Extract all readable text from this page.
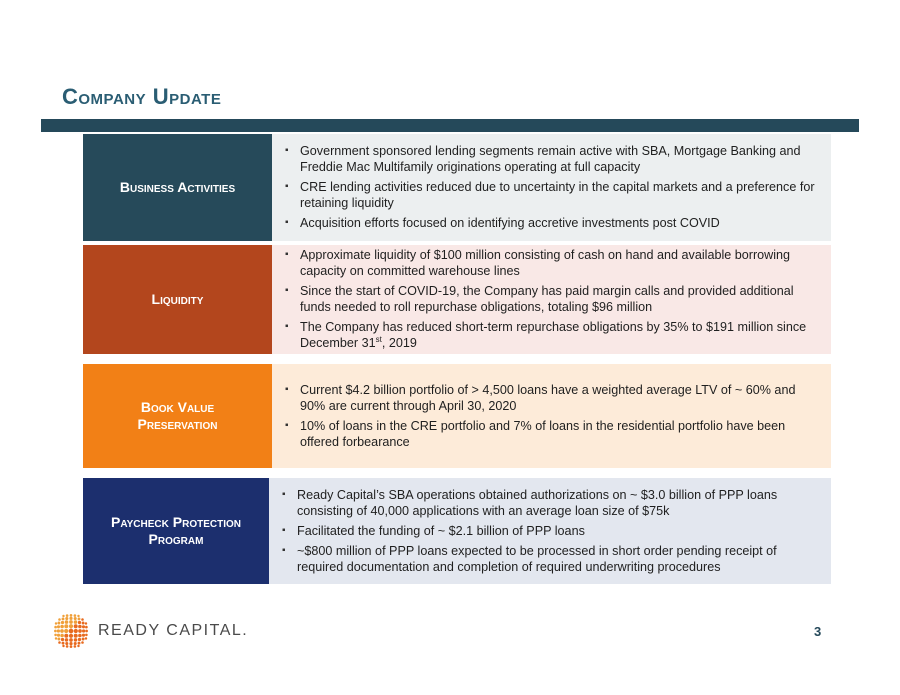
Company Update
Business Activities
▪ Government sponsored lending segments remain active with SBA, Mortgage Banking and Freddie Mac Multifamily originations operating at full capacity
▪ CRE lending activities reduced due to uncertainty in the capital markets and a preference for retaining liquidity
▪ Acquisition efforts focused on identifying accretive investments post COVID
Liquidity
▪ Approximate liquidity of $100 million consisting of cash on hand and available borrowing capacity on committed warehouse lines
▪ Since the start of COVID-19, the Company has paid margin calls and provided additional funds needed to roll repurchase obligations, totaling $96 million
▪ The Company has reduced short-term repurchase obligations by 35% to $191 million since December 31st, 2019
Book Value Preservation
▪ Current $4.2 billion portfolio of > 4,500 loans have a weighted average LTV of ~ 60% and 90% are current through April 30, 2020
▪ 10% of loans in the CRE portfolio and 7% of loans in the residential portfolio have been offered forbearance
Paycheck Protection Program
▪ Ready Capital’s SBA operations obtained authorizations on ~ $3.0 billion of PPP loans consisting of 40,000 applications with an average loan size of $75k
▪ Facilitated the funding of ~ $2.1 billion of PPP loans
▪ ~$800 million of PPP loans expected to be processed in short order pending receipt of required documentation and completion of required underwriting procedures
READY CAPITAL.	3
